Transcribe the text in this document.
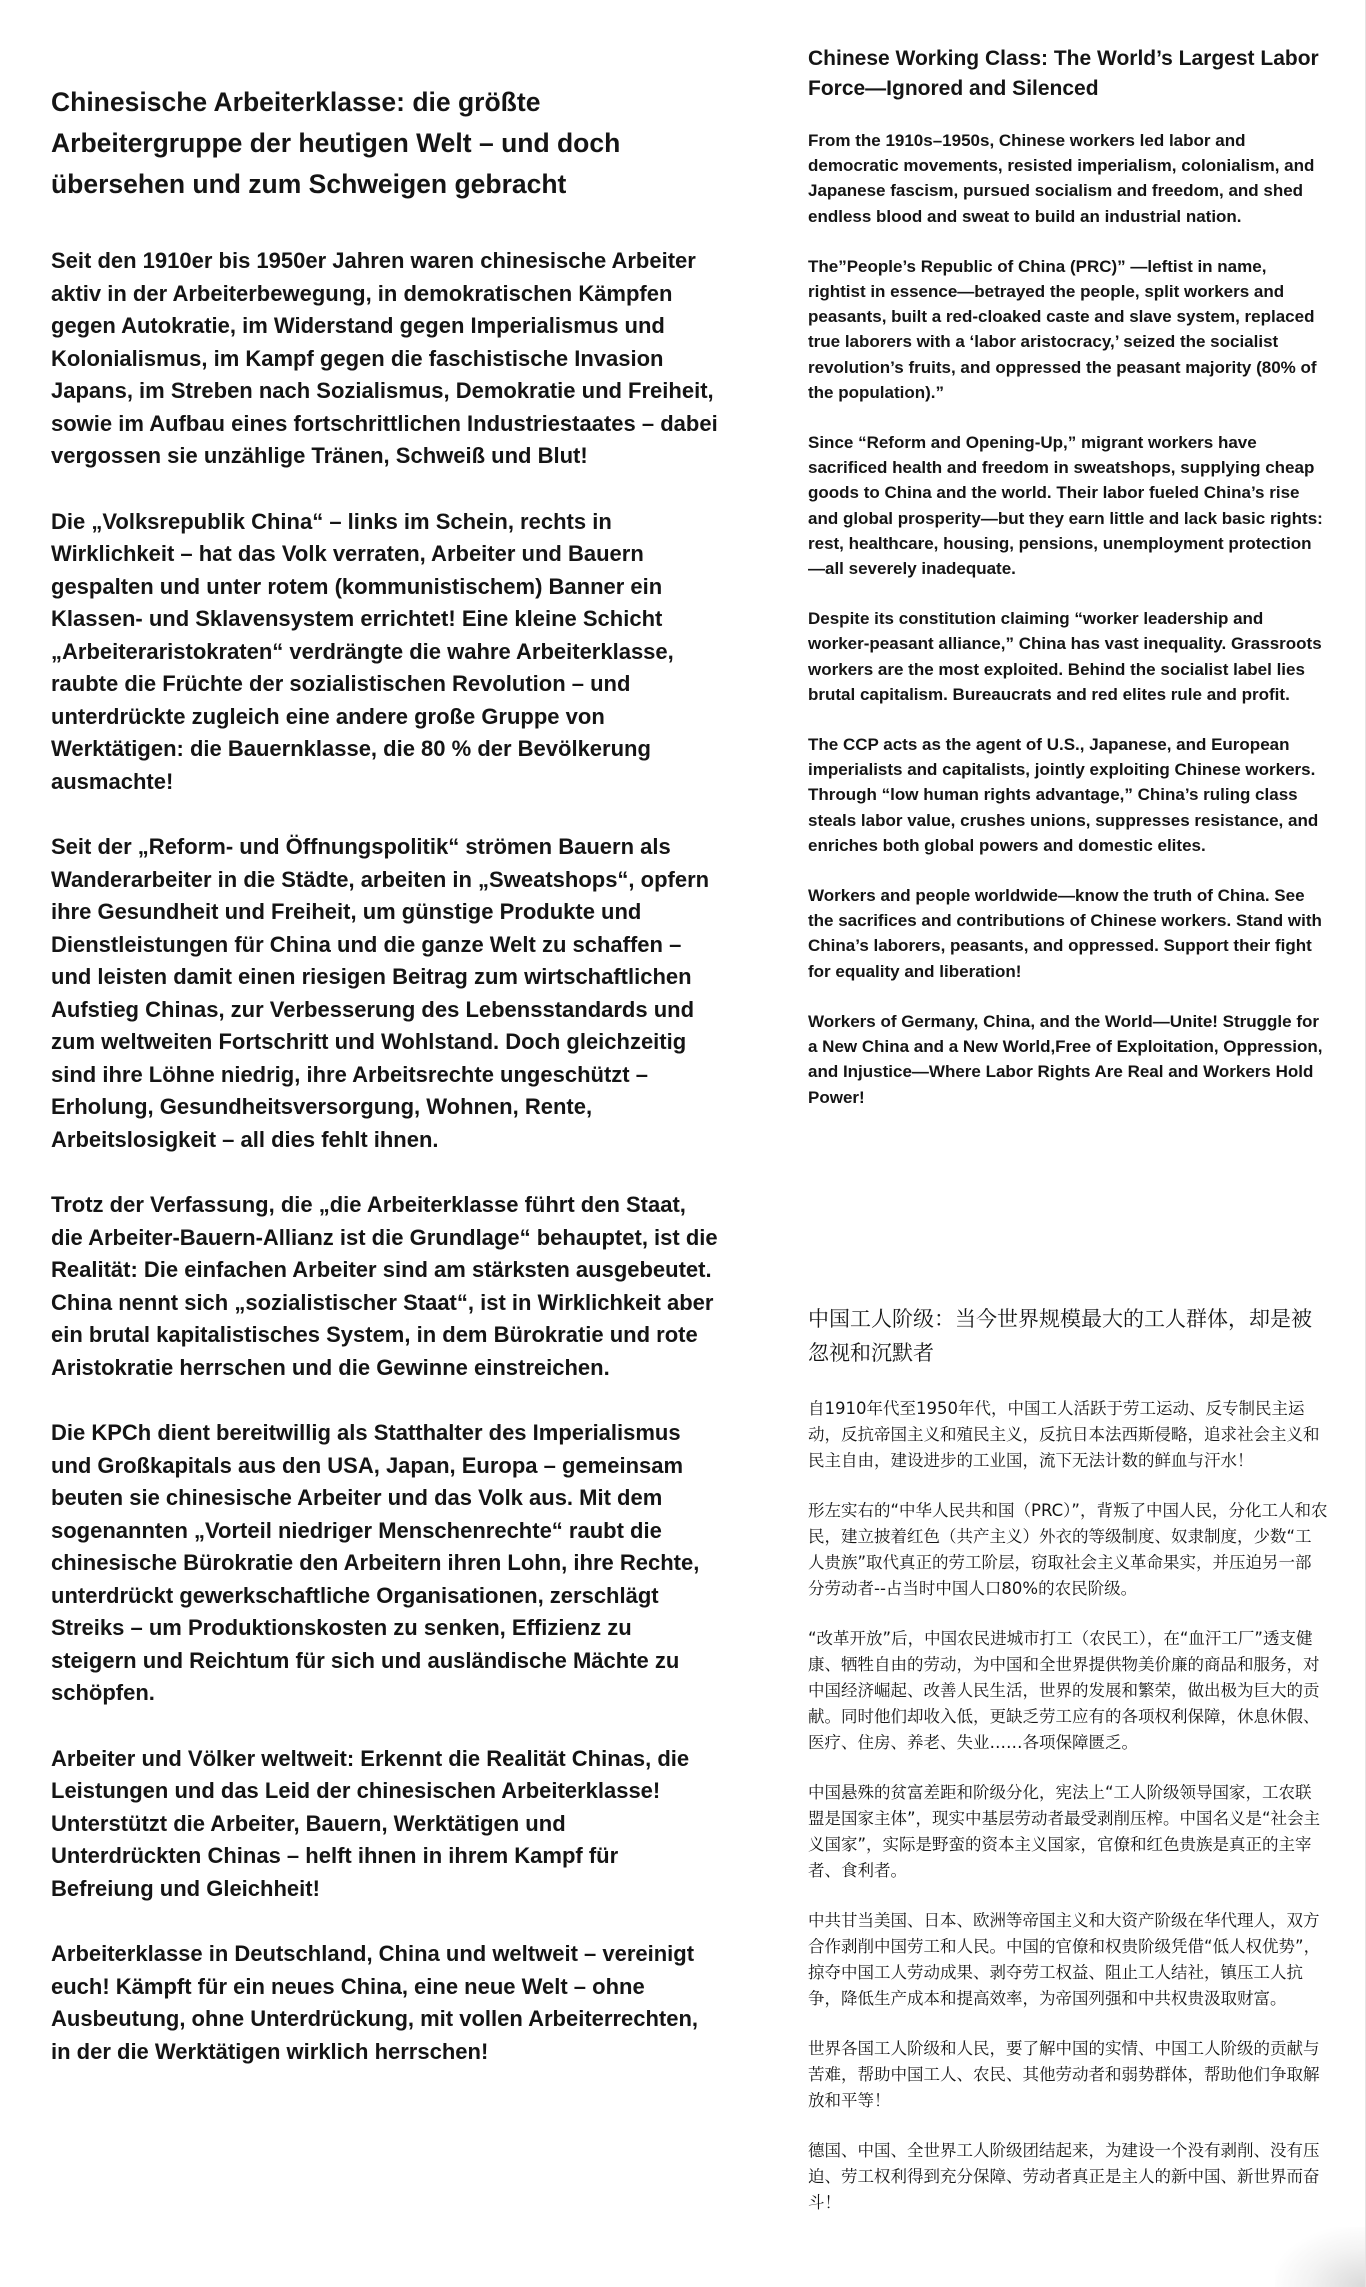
Chinesische Arbeiterklasse: die größte Arbeitergruppe der heutigen Welt – und doch übersehen und zum Schweigen gebracht

Seit den 1910er bis 1950er Jahren waren chinesische Arbeiter aktiv in der Arbeiterbewegung, in demokratischen Kämpfen gegen Autokratie, im Widerstand gegen Imperialismus und Kolonialismus, im Kampf gegen die faschistische Invasion Japans, im Streben nach Sozialismus, Demokratie und Freiheit, sowie im Aufbau eines fortschrittlichen Industriestaates – dabei vergossen sie unzählige Tränen, Schweiß und Blut!

Die „Volksrepublik China“ – links im Schein, rechts in Wirklichkeit – hat das Volk verraten, Arbeiter und Bauern gespalten und unter rotem (kommunistischem) Banner ein Klassen- und Sklavensystem errichtet! Eine kleine Schicht „Arbeiteraristokraten“ verdrängte die wahre Arbeiterklasse, raubte die Früchte der sozialistischen Revolution – und unterdrückte zugleich eine andere große Gruppe von Werktätigen: die Bauernklasse, die 80 % der Bevölkerung ausmachte!

Seit der „Reform- und Öffnungspolitik“ strömen Bauern als Wanderarbeiter in die Städte, arbeiten in „Sweatshops“, opfern ihre Gesundheit und Freiheit, um günstige Produkte und Dienstleistungen für China und die ganze Welt zu schaffen – und leisten damit einen riesigen Beitrag zum wirtschaftlichen Aufstieg Chinas, zur Verbesserung des Lebensstandards und zum weltweiten Fortschritt und Wohlstand. Doch gleichzeitig sind ihre Löhne niedrig, ihre Arbeitsrechte ungeschützt – Erholung, Gesundheitsversorgung, Wohnen, Rente, Arbeitslosigkeit – all dies fehlt ihnen.

Trotz der Verfassung, die „die Arbeiterklasse führt den Staat, die Arbeiter-Bauern-Allianz ist die Grundlage“ behauptet, ist die Realität: Die einfachen Arbeiter sind am stärksten ausgebeutet. China nennt sich „sozialistischer Staat“, ist in Wirklichkeit aber ein brutal kapitalistisches System, in dem Bürokratie und rote Aristokratie herrschen und die Gewinne einstreichen.

Die KPCh dient bereitwillig als Statthalter des Imperialismus und Großkapitals aus den USA, Japan, Europa – gemeinsam beuten sie chinesische Arbeiter und das Volk aus. Mit dem sogenannten „Vorteil niedriger Menschenrechte“ raubt die chinesische Bürokratie den Arbeitern ihren Lohn, ihre Rechte, unterdrückt gewerkschaftliche Organisationen, zerschlägt Streiks – um Produktionskosten zu senken, Effizienz zu steigern und Reichtum für sich und ausländische Mächte zu schöpfen.

Arbeiter und Völker weltweit: Erkennt die Realität Chinas, die Leistungen und das Leid der chinesischen Arbeiterklasse! Unterstützt die Arbeiter, Bauern, Werktätigen und Unterdrückten Chinas – helft ihnen in ihrem Kampf für Befreiung und Gleichheit!

Arbeiterklasse in Deutschland, China und weltweit – vereinigt euch! Kämpft für ein neues China, eine neue Welt – ohne Ausbeutung, ohne Unterdrückung, mit vollen Arbeiterrechten, in der die Werktätigen wirklich herrschen!

Chinese Working Class: The World’s Largest Labor Force—Ignored and Silenced

From the 1910s–1950s, Chinese workers led labor and democratic movements, resisted imperialism, colonialism, and Japanese fascism, pursued socialism and freedom, and shed endless blood and sweat to build an industrial nation.

The”People’s Republic of China (PRC)” —leftist in name, rightist in essence—betrayed the people, split workers and peasants, built a red-cloaked caste and slave system, replaced true laborers with a ‘labor aristocracy,’ seized the socialist revolution’s fruits, and oppressed the peasant majority (80% of the population).”

Since “Reform and Opening-Up,” migrant workers have sacrificed health and freedom in sweatshops, supplying cheap goods to China and the world. Their labor fueled China’s rise and global prosperity—but they earn little and lack basic rights: rest, healthcare, housing, pensions, unemployment protection—all severely inadequate.

Despite its constitution claiming “worker leadership and worker-peasant alliance,” China has vast inequality. Grassroots workers are the most exploited. Behind the socialist label lies brutal capitalism. Bureaucrats and red elites rule and profit.

The CCP acts as the agent of U.S., Japanese, and European imperialists and capitalists, jointly exploiting Chinese workers. Through “low human rights advantage,” China’s ruling class steals labor value, crushes unions, suppresses resistance, and enriches both global powers and domestic elites.

Workers and people worldwide—know the truth of China. See the sacrifices and contributions of Chinese workers. Stand with China’s laborers, peasants, and oppressed. Support their fight for equality and liberation!

Workers of Germany, China, and the World—Unite! Struggle for a New China and a New World,Free of Exploitation, Oppression, and Injustice—Where Labor Rights Are Real and Workers Hold Power!

中国工人阶级：当今世界规模最大的工人群体，却是被忽视和沉默者

自1910年代至1950年代，中国工人活跃于劳工运动、反专制民主运动，反抗帝国主义和殖民主义，反抗日本法西斯侵略，追求社会主义和民主自由，建设进步的工业国，流下无法计数的鲜血与汗水！

形左实右的“中华人民共和国（PRC）”，背叛了中国人民，分化工人和农民，建立披着红色（共产主义）外衣的等级制度、奴隶制度，少数“工人贵族”取代真正的劳工阶层，窃取社会主义革命果实，并压迫另一部分劳动者--占当时中国人口80%的农民阶级。

“改革开放”后，中国农民进城市打工（农民工），在“血汗工厂”透支健康、牺牲自由的劳动，为中国和全世界提供物美价廉的商品和服务，对中国经济崛起、改善人民生活，世界的发展和繁荣，做出极为巨大的贡献。同时他们却收入低，更缺乏劳工应有的各项权利保障，休息休假、医疗、住房、养老、失业……各项保障匮乏。

中国悬殊的贫富差距和阶级分化，宪法上“工人阶级领导国家，工农联盟是国家主体”，现实中基层劳动者最受剥削压榨。中国名义是“社会主义国家”，实际是野蛮的资本主义国家，官僚和红色贵族是真正的主宰者、食利者。

中共甘当美国、日本、欧洲等帝国主义和大资产阶级在华代理人，双方合作剥削中国劳工和人民。中国的官僚和权贵阶级凭借“低人权优势”，掠夺中国工人劳动成果、剥夺劳工权益、阻止工人结社，镇压工人抗争，降低生产成本和提高效率，为帝国列强和中共权贵汲取财富。

世界各国工人阶级和人民，要了解中国的实情、中国工人阶级的贡献与苦难，帮助中国工人、农民、其他劳动者和弱势群体，帮助他们争取解放和平等！

德国、中国、全世界工人阶级团结起来，为建设一个没有剥削、没有压迫、劳工权利得到充分保障、劳动者真正是主人的新中国、新世界而奋斗！
